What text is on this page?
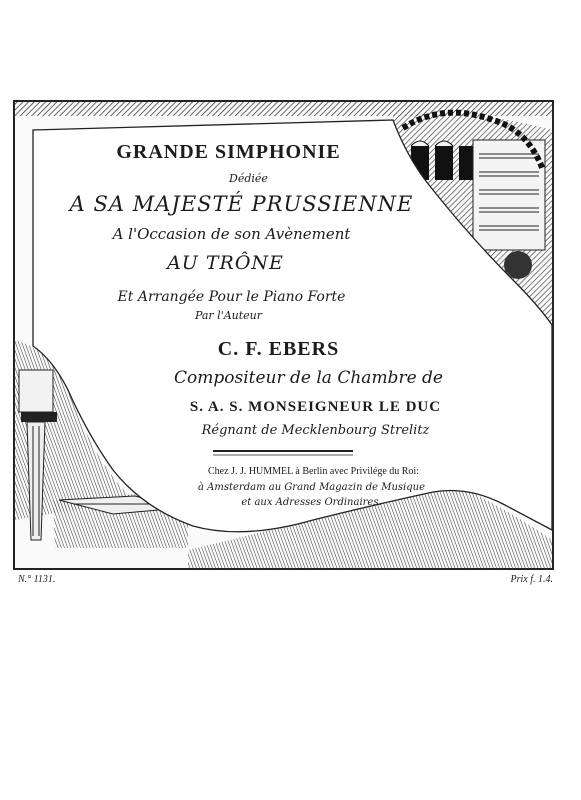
GRANDE SIMPHONIE
Dédiée
A SA MAJESTÉ PRUSSIENNE
A l'Occasion de son Avènement
AU TRÔNE
Et Arrangée Pour le Piano Forte
Par l'Auteur
C. F. EBERS
Compositeur de la Chambre de
S. A. S. MONSEIGNEUR LE DUC
Régnant de Mecklenbourg Strelitz
Chez J. J. HUMMEL à Berlin avec Privilége du Roi:
à Amsterdam au Grand Magazin de Musique
et aux Adresses Ordinaires.
N.° 1131.	Prix f. 1.4.
